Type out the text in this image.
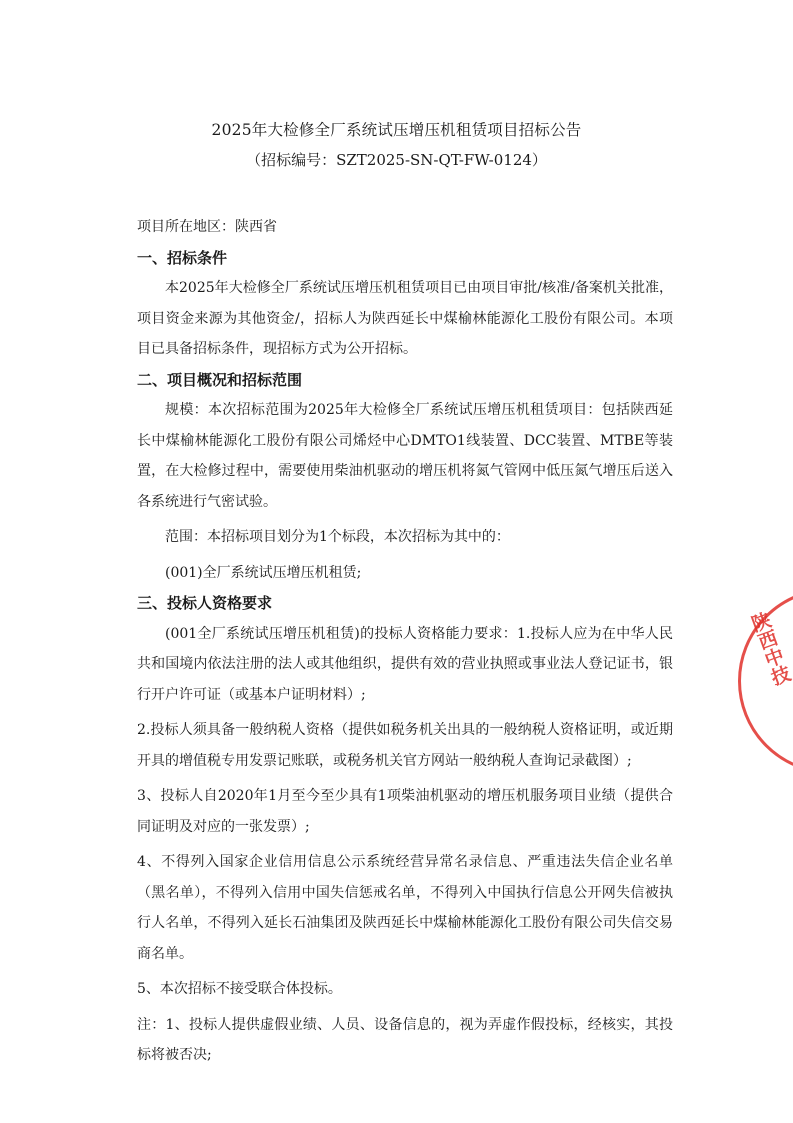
2025年大检修全厂系统试压增压机租赁项目招标公告
（招标编号：SZT2025-SN-QT-FW-0124）

项目所在地区：陕西省

一、招标条件

本2025年大检修全厂系统试压增压机租赁项目已由项目审批/核准/备案机关批准，项目资金来源为其他资金/，招标人为陕西延长中煤榆林能源化工股份有限公司。本项目已具备招标条件，现招标方式为公开招标。

二、项目概况和招标范围

规模：本次招标范围为2025年大检修全厂系统试压增压机租赁项目：包括陕西延长中煤榆林能源化工股份有限公司烯烃中心DMTO1线装置、DCC装置、MTBE等装置，在大检修过程中，需要使用柴油机驱动的增压机将氮气管网中低压氮气增压后送入各系统进行气密试验。

范围：本招标项目划分为1个标段，本次招标为其中的：

(001)全厂系统试压增压机租赁;

三、投标人资格要求

(001全厂系统试压增压机租赁)的投标人资格能力要求：1.投标人应为在中华人民共和国境内依法注册的法人或其他组织，提供有效的营业执照或事业法人登记证书，银行开户许可证（或基本户证明材料）;

2.投标人须具备一般纳税人资格（提供如税务机关出具的一般纳税人资格证明，或近期开具的增值税专用发票记账联，或税务机关官方网站一般纳税人查询记录截图）;

3、投标人自2020年1月至今至少具有1项柴油机驱动的增压机服务项目业绩（提供合同证明及对应的一张发票）;

4、不得列入国家企业信用信息公示系统经营异常名录信息、严重违法失信企业名单（黑名单），不得列入信用中国失信惩戒名单，不得列入中国执行信息公开网失信被执行人名单，不得列入延长石油集团及陕西延长中煤榆林能源化工股份有限公司失信交易商名单。

5、本次招标不接受联合体投标。

注：1、投标人提供虚假业绩、人员、设备信息的，视为弄虚作假投标，经核实，其投标将被否决;

陕西中技
